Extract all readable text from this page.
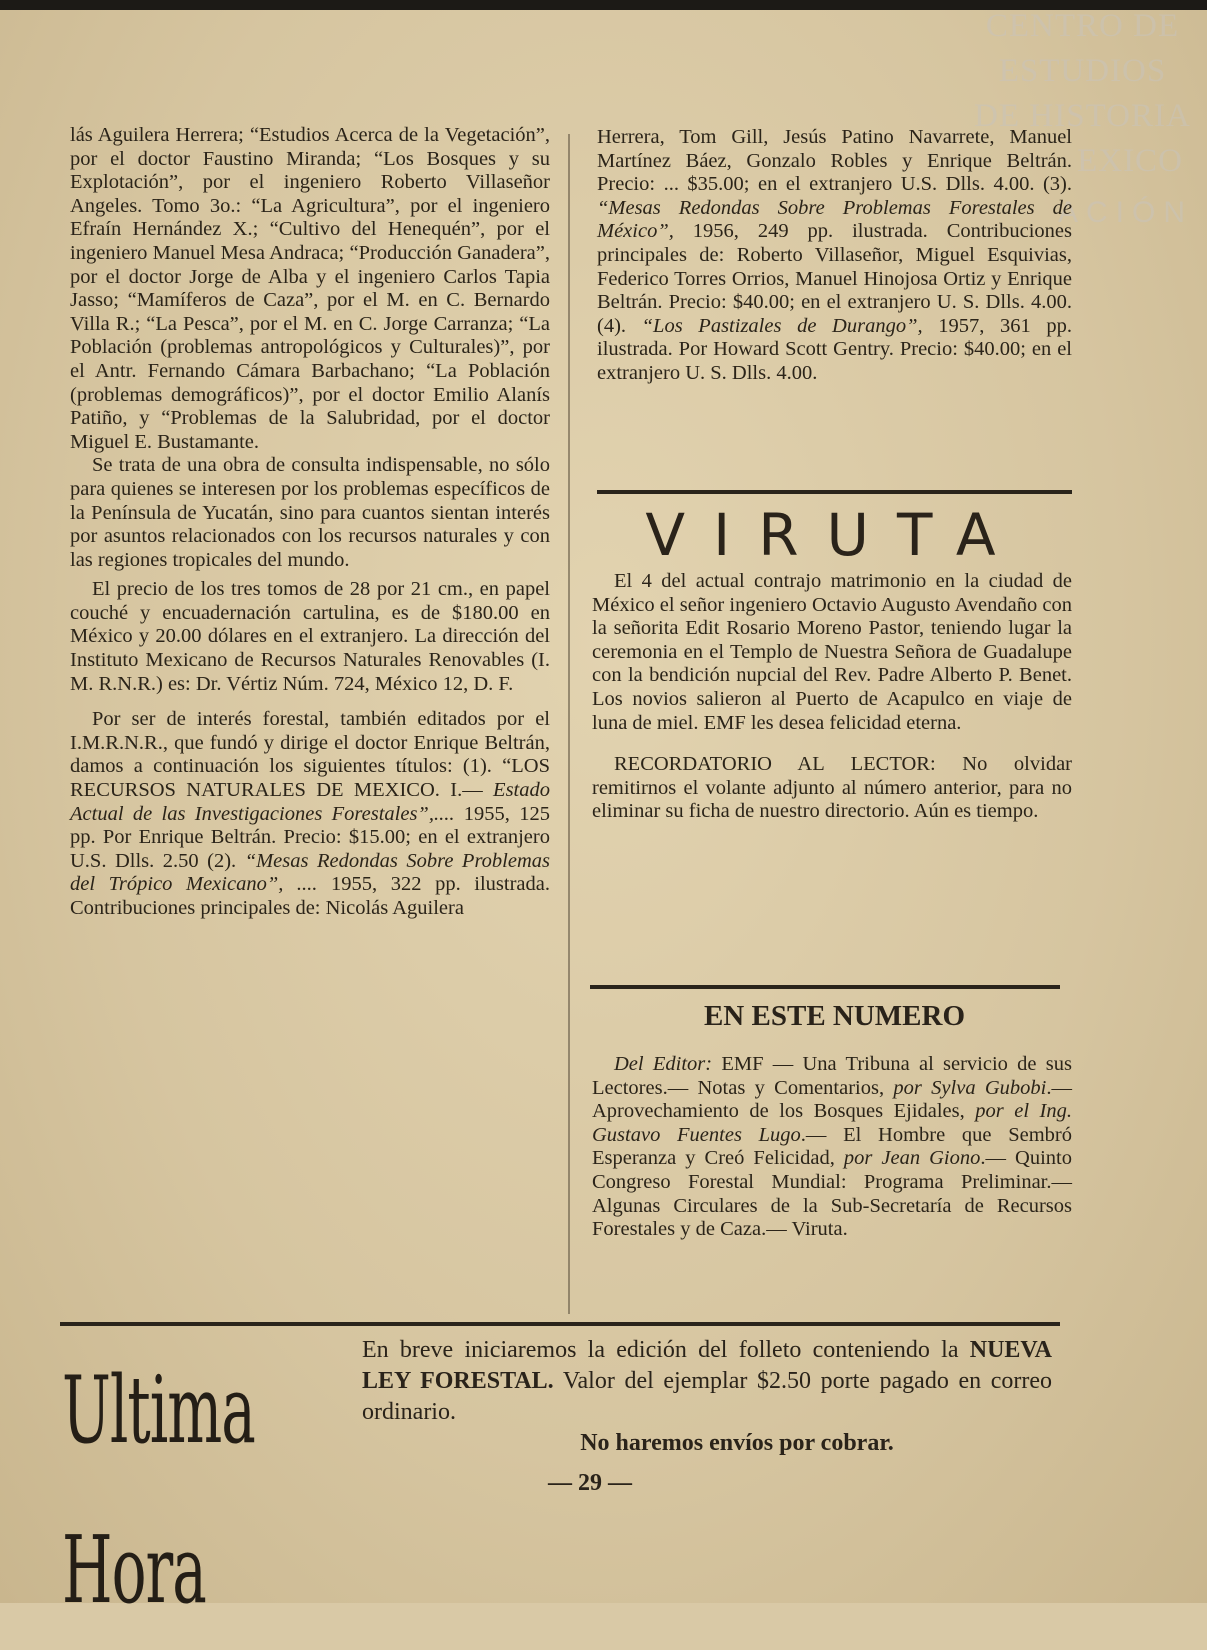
CENTRO DE
ESTUDIOS
DE HISTORIA
EXICO
ACIÓN

lás Aguilera Herrera; “Estudios Acerca de la Vegetación”, por el doctor Faustino Miranda; “Los Bosques y su Explotación”, por el ingeniero Roberto Villaseñor Angeles. Tomo 3o.: “La Agricultura”, por el ingeniero Efraín Hernández X.; “Cultivo del Henequén”, por el ingeniero Manuel Mesa Andraca; “Producción Ganadera”, por el doctor Jorge de Alba y el ingeniero Carlos Tapia Jasso; “Mamíferos de Caza”, por el M. en C. Bernardo Villa R.; “La Pesca”, por el M. en C. Jorge Carranza; “La Población (problemas antropológicos y Culturales)”, por el Antr. Fernando Cámara Barbachano; “La Población (problemas demográficos)”, por el doctor Emilio Alanís Patiño, y “Problemas de la Salubridad, por el doctor Miguel E. Bustamante.

Se trata de una obra de consulta indispensable, no sólo para quienes se interesen por los problemas específicos de la Península de Yucatán, sino para cuantos sientan interés por asuntos relacionados con los recursos naturales y con las regiones tropicales del mundo.

El precio de los tres tomos de 28 por 21 cm., en papel couché y encuadernación cartulina, es de $180.00 en México y 20.00 dólares en el extranjero. La dirección del Instituto Mexicano de Recursos Naturales Renovables (I. M. R.N.R.) es: Dr. Vértiz Núm. 724, México 12, D. F.

Por ser de interés forestal, también editados por el I.M.R.N.R., que fundó y dirige el doctor Enrique Beltrán, damos a continuación los siguientes títulos: (1). “LOS RECURSOS NATURALES DE MEXICO. I.— Estado Actual de las Investigaciones Forestales”,.... 1955, 125 pp. Por Enrique Beltrán. Precio: $15.00; en el extranjero U.S. Dlls. 2.50 (2). “Mesas Redondas Sobre Problemas del Trópico Mexicano”, .... 1955, 322 pp. ilustrada. Contribuciones principales de: Nicolás Aguilera

Herrera, Tom Gill, Jesús Patino Navarrete, Manuel Martínez Báez, Gonzalo Robles y Enrique Beltrán. Precio: ... $35.00; en el extranjero U.S. Dlls. 4.00. (3). “Mesas Redondas Sobre Problemas Forestales de México”, 1956, 249 pp. ilustrada. Contribuciones principales de: Roberto Villaseñor, Miguel Esquivias, Federico Torres Orrios, Manuel Hinojosa Ortiz y Enrique Beltrán. Precio: $40.00; en el extranjero U. S. Dlls. 4.00. (4). “Los Pastizales de Durango”, 1957, 361 pp. ilustrada. Por Howard Scott Gentry. Precio: $40.00; en el extranjero U. S. Dlls. 4.00.

VIRUTA

El 4 del actual contrajo matrimonio en la ciudad de México el señor ingeniero Octavio Augusto Avendaño con la señorita Edit Rosario Moreno Pastor, teniendo lugar la ceremonia en el Templo de Nuestra Señora de Guadalupe con la bendición nupcial del Rev. Padre Alberto P. Benet. Los novios salieron al Puerto de Acapulco en viaje de luna de miel. EMF les desea felicidad eterna.

RECORDATORIO AL LECTOR: No olvidar remitirnos el volante adjunto al número anterior, para no eliminar su ficha de nuestro directorio. Aún es tiempo.

EN ESTE NUMERO

Del Editor: EMF — Una Tribuna al servicio de sus Lectores.— Notas y Comentarios, por Sylva Gubobi.— Aprovechamiento de los Bosques Ejidales, por el Ing. Gustavo Fuentes Lugo.— El Hombre que Sembró Esperanza y Creó Felicidad, por Jean Giono.— Quinto Congreso Forestal Mundial: Programa Preliminar.— Algunas Circulares de la Sub-Secretaría de Recursos Forestales y de Caza.— Viruta.

Ultima Hora
En breve iniciaremos la edición del folleto conteniendo la NUEVA LEY FORESTAL. Valor del ejemplar $2.50 porte pagado en correo ordinario.
No haremos envíos por cobrar.
— 29 —
